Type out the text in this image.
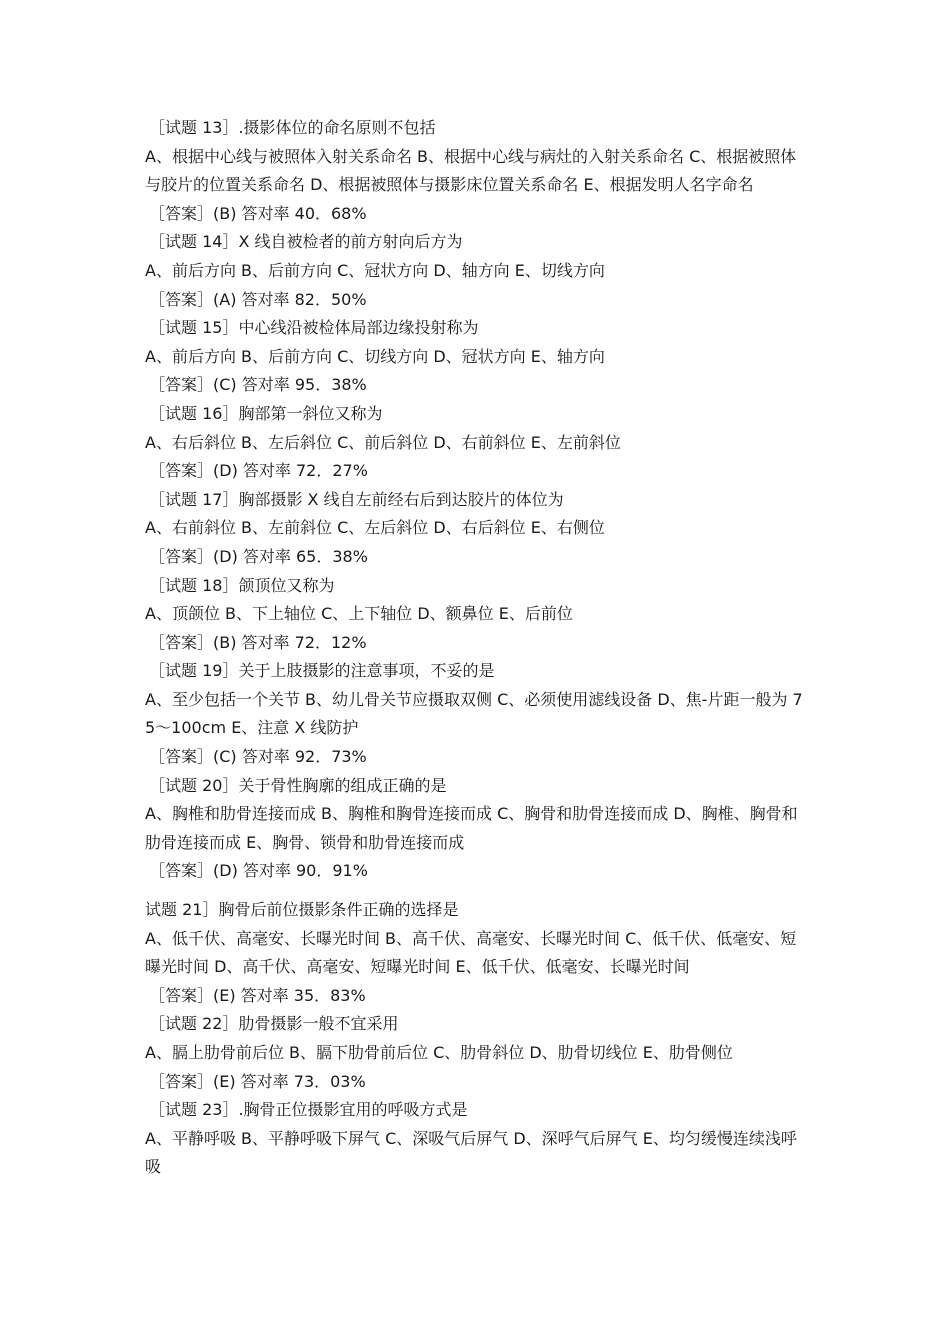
［试题 13］.摄影体位的命名原则不包括

A、根据中心线与被照体入射关系命名 B、根据中心线与病灶的入射关系命名 C、根据被照体与胶片的位置关系命名 D、根据被照体与摄影床位置关系命名 E、根据发明人名字命名

［答案］(B) 答对率 40．68%

［试题 14］X 线自被检者的前方射向后方为

A、前后方向 B、后前方向 C、冠状方向 D、轴方向 E、切线方向

［答案］(A) 答对率 82．50%

［试题 15］中心线沿被检体局部边缘投射称为

A、前后方向 B、后前方向 C、切线方向 D、冠状方向 E、轴方向

［答案］(C) 答对率 95．38%

［试题 16］胸部第一斜位又称为

A、右后斜位 B、左后斜位 C、前后斜位 D、右前斜位 E、左前斜位

［答案］(D) 答对率 72．27%

［试题 17］胸部摄影 X 线自左前经右后到达胶片的体位为

A、右前斜位 B、左前斜位 C、左后斜位 D、右后斜位 E、右侧位

［答案］(D) 答对率 65．38%

［试题 18］颌顶位又称为

A、顶颌位 B、下上轴位 C、上下轴位 D、额鼻位 E、后前位

［答案］(B) 答对率 72．12%

［试题 19］关于上肢摄影的注意事项，不妥的是

A、至少包括一个关节 B、幼儿骨关节应摄取双侧 C、必须使用滤线设备 D、焦-片距一般为 75～100cm E、注意 X 线防护

［答案］(C) 答对率 92．73%

［试题 20］关于骨性胸廓的组成正确的是

A、胸椎和肋骨连接而成 B、胸椎和胸骨连接而成 C、胸骨和肋骨连接而成 D、胸椎、胸骨和肋骨连接而成 E、胸骨、锁骨和肋骨连接而成

［答案］(D) 答对率 90．91%

试题 21］胸骨后前位摄影条件正确的选择是

A、低千伏、高毫安、长曝光时间 B、高千伏、高毫安、长曝光时间 C、低千伏、低毫安、短曝光时间 D、高千伏、高毫安、短曝光时间 E、低千伏、低毫安、长曝光时间

［答案］(E) 答对率 35．83%

［试题 22］肋骨摄影一般不宜采用

A、膈上肋骨前后位 B、膈下肋骨前后位 C、肋骨斜位 D、肋骨切线位 E、肋骨侧位

［答案］(E) 答对率 73．03%

［试题 23］.胸骨正位摄影宜用的呼吸方式是

A、平静呼吸 B、平静呼吸下屏气 C、深吸气后屏气 D、深呼气后屏气 E、均匀缓慢连续浅呼吸
